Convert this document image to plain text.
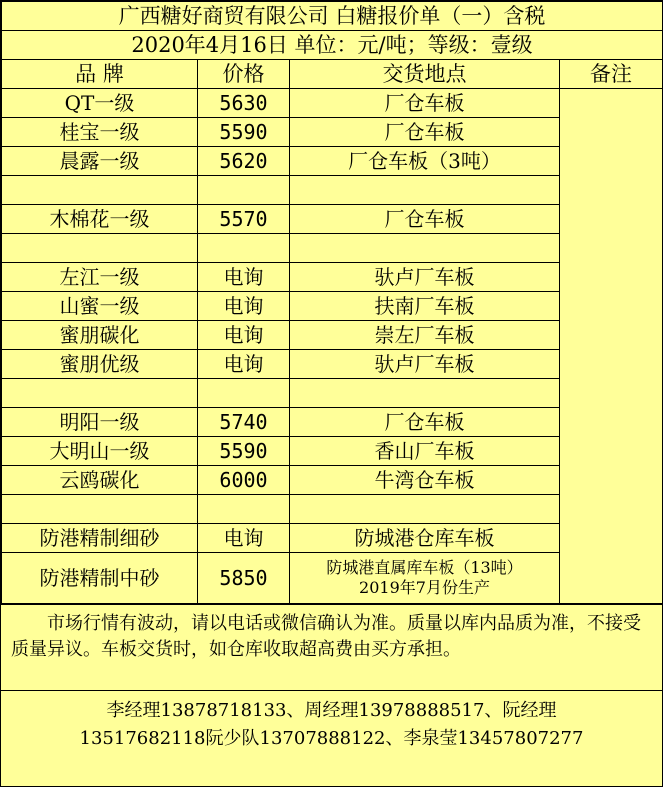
广西糖好商贸有限公司 白糖报价单（一）含税			
2020年4月16日 单位：元/吨；等级：壹级			
品 牌	价格	交货地点	备注
QT一级	5630	厂仓车板	
桂宝一级	5590	厂仓车板	
晨露一级	5620	厂仓车板（3吨）	

木棉花一级	5570	厂仓车板	

左江一级	电询	驮卢厂车板	
山蜜一级	电询	扶南厂车板	
蜜朋碳化	电询	崇左厂车板	
蜜朋优级	电询	驮卢厂车板	

明阳一级	5740	厂仓车板	
大明山一级	5590	香山厂车板	
云鸥碳化	6000	牛湾仓车板	

防港精制细砂	电询	防城港仓库车板	
防港精制中砂	5850	防城港直属库车板（13吨）
2019年7月份生产	
市场行情有波动，请以电话或微信确认为准。质量以库内品质为准，不接受质量异议。车板交货时，如仓库收取超高费由买方承担。
李经理13878718133、周经理13978888517、阮经理
13517682118阮少队13707888122、李泉莹13457807277
